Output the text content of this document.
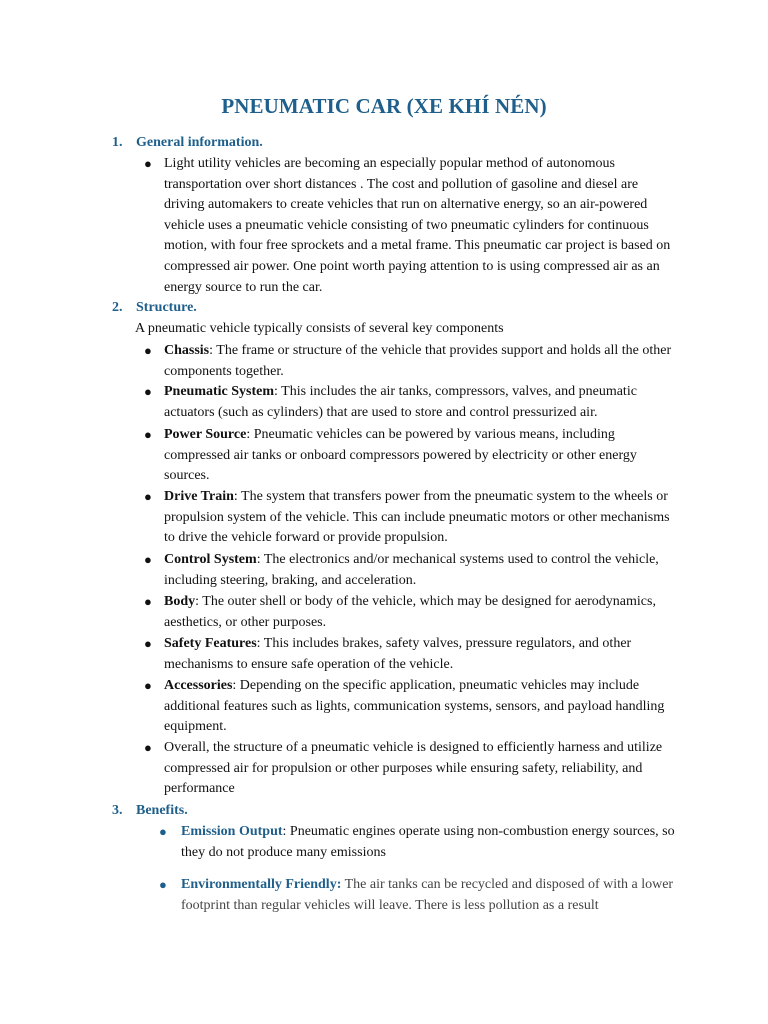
PNEUMATIC CAR (XE KHÍ NÉN)
1. General information.
● Light utility vehicles are becoming an especially popular method of autonomous transportation over short distances . The cost and pollution of gasoline and diesel are driving automakers to create vehicles that run on alternative energy, so an air-powered vehicle uses a pneumatic vehicle consisting of two pneumatic cylinders for continuous motion, with four free sprockets and a metal frame. This pneumatic car project is based on compressed air power. One point worth paying attention to is using compressed air as an energy source to run the car.
2. Structure.
A pneumatic vehicle typically consists of several key components
● Chassis: The frame or structure of the vehicle that provides support and holds all the other components together.
● Pneumatic System: This includes the air tanks, compressors, valves, and pneumatic actuators (such as cylinders) that are used to store and control pressurized air.
● Power Source: Pneumatic vehicles can be powered by various means, including compressed air tanks or onboard compressors powered by electricity or other energy sources.
● Drive Train: The system that transfers power from the pneumatic system to the wheels or propulsion system of the vehicle. This can include pneumatic motors or other mechanisms to drive the vehicle forward or provide propulsion.
● Control System: The electronics and/or mechanical systems used to control the vehicle, including steering, braking, and acceleration.
● Body: The outer shell or body of the vehicle, which may be designed for aerodynamics, aesthetics, or other purposes.
● Safety Features: This includes brakes, safety valves, pressure regulators, and other mechanisms to ensure safe operation of the vehicle.
● Accessories: Depending on the specific application, pneumatic vehicles may include additional features such as lights, communication systems, sensors, and payload handling equipment.
● Overall, the structure of a pneumatic vehicle is designed to efficiently harness and utilize compressed air for propulsion or other purposes while ensuring safety, reliability, and performance
3. Benefits.
● Emission Output: Pneumatic engines operate using non-combustion energy sources, so they do not produce many emissions
● Environmentally Friendly: The air tanks can be recycled and disposed of with a lower footprint than regular vehicles will leave. There is less pollution as a result
